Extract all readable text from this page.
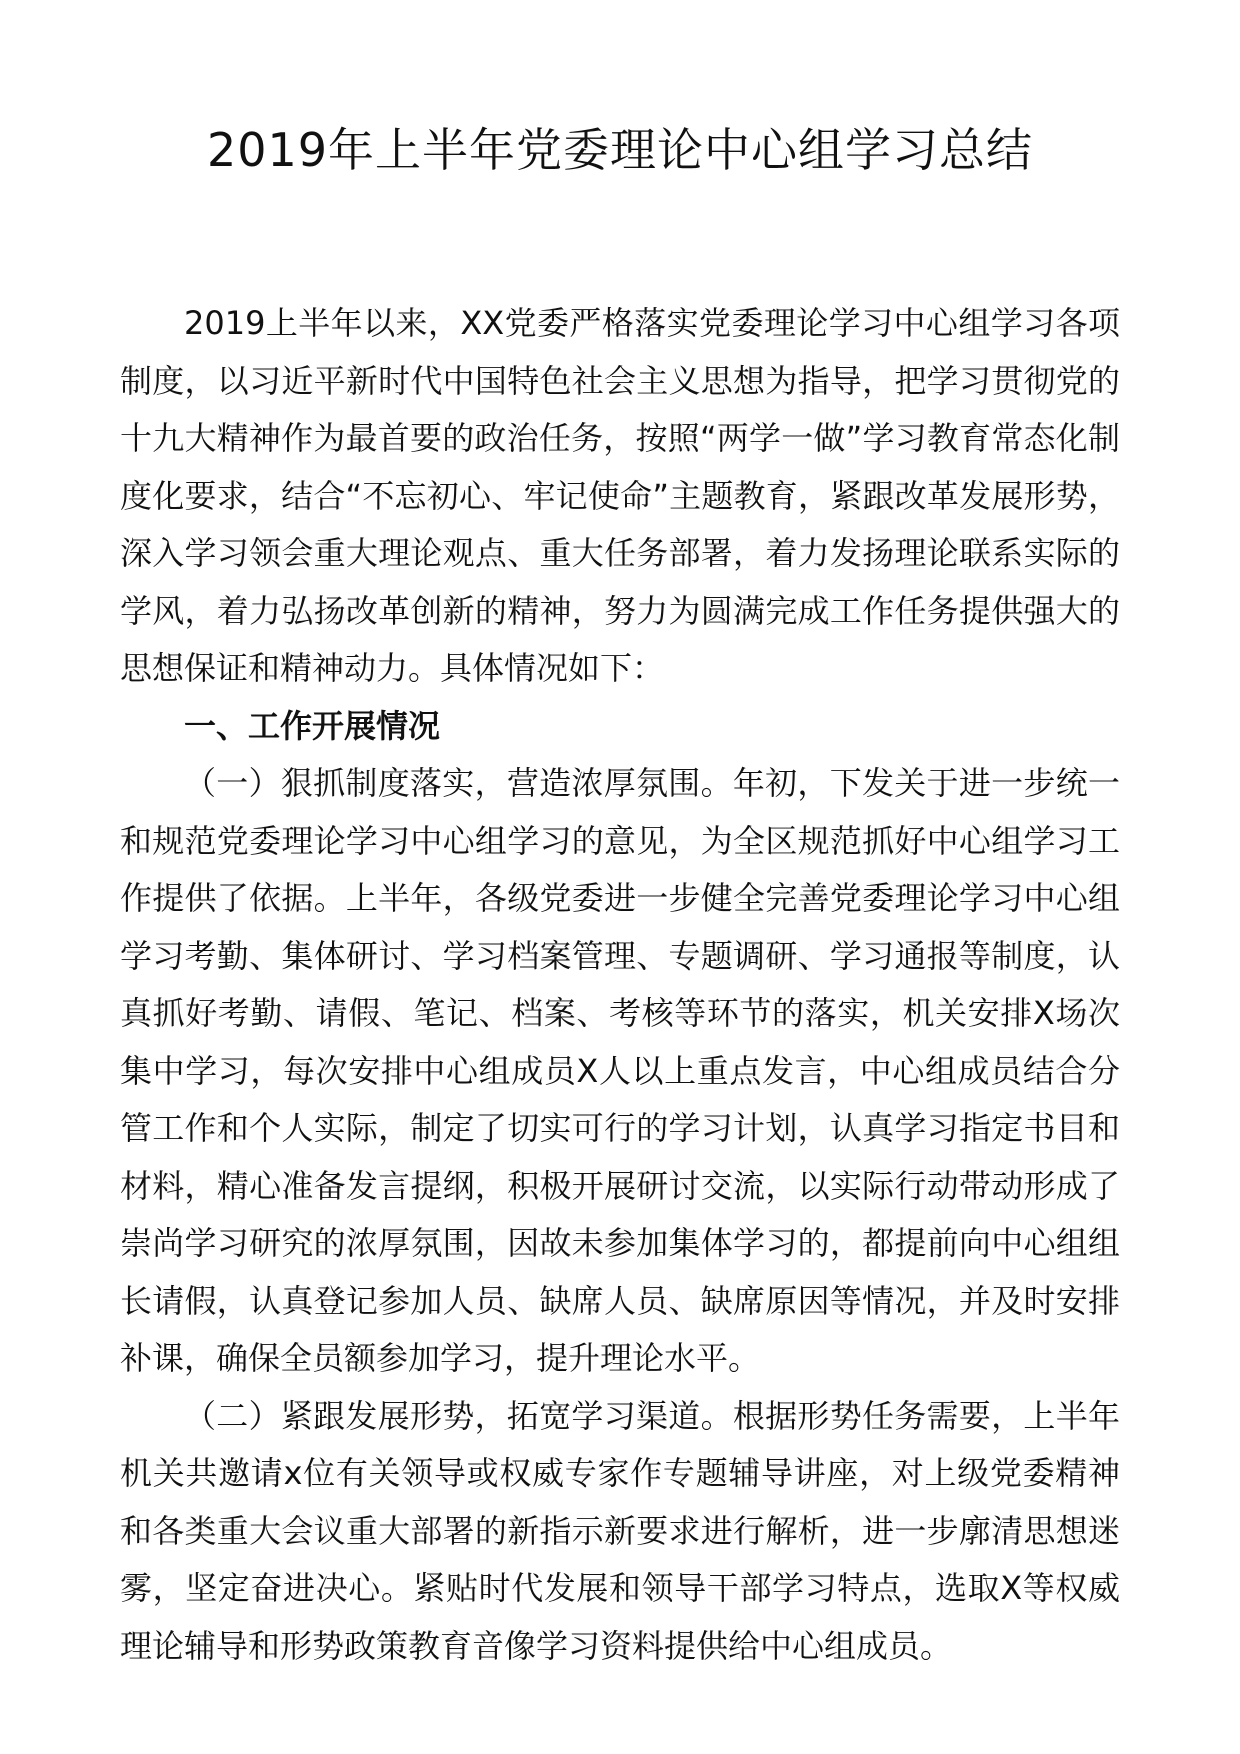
2019年上半年党委理论中心组学习总结

2019上半年以来，XX党委严格落实党委理论学习中心组学习各项制度，以习近平新时代中国特色社会主义思想为指导，把学习贯彻党的十九大精神作为最首要的政治任务，按照“两学一做”学习教育常态化制度化要求，结合“不忘初心、牢记使命”主题教育，紧跟改革发展形势，深入学习领会重大理论观点、重大任务部署，着力发扬理论联系实际的学风，着力弘扬改革创新的精神，努力为圆满完成工作任务提供强大的思想保证和精神动力。具体情况如下：

一、工作开展情况

（一）狠抓制度落实，营造浓厚氛围。年初，下发关于进一步统一和规范党委理论学习中心组学习的意见，为全区规范抓好中心组学习工作提供了依据。上半年，各级党委进一步健全完善党委理论学习中心组学习考勤、集体研讨、学习档案管理、专题调研、学习通报等制度，认真抓好考勤、请假、笔记、档案、考核等环节的落实，机关安排X场次集中学习，每次安排中心组成员X人以上重点发言，中心组成员结合分管工作和个人实际，制定了切实可行的学习计划，认真学习指定书目和材料，精心准备发言提纲，积极开展研讨交流，以实际行动带动形成了崇尚学习研究的浓厚氛围，因故未参加集体学习的，都提前向中心组组长请假，认真登记参加人员、缺席人员、缺席原因等情况，并及时安排补课，确保全员额参加学习，提升理论水平。

（二）紧跟发展形势，拓宽学习渠道。根据形势任务需要，上半年机关共邀请x位有关领导或权威专家作专题辅导讲座，对上级党委精神和各类重大会议重大部署的新指示新要求进行解析，进一步廓清思想迷雾，坚定奋进决心。紧贴时代发展和领导干部学习特点，选取X等权威理论辅导和形势政策教育音像学习资料提供给中心组成员。
